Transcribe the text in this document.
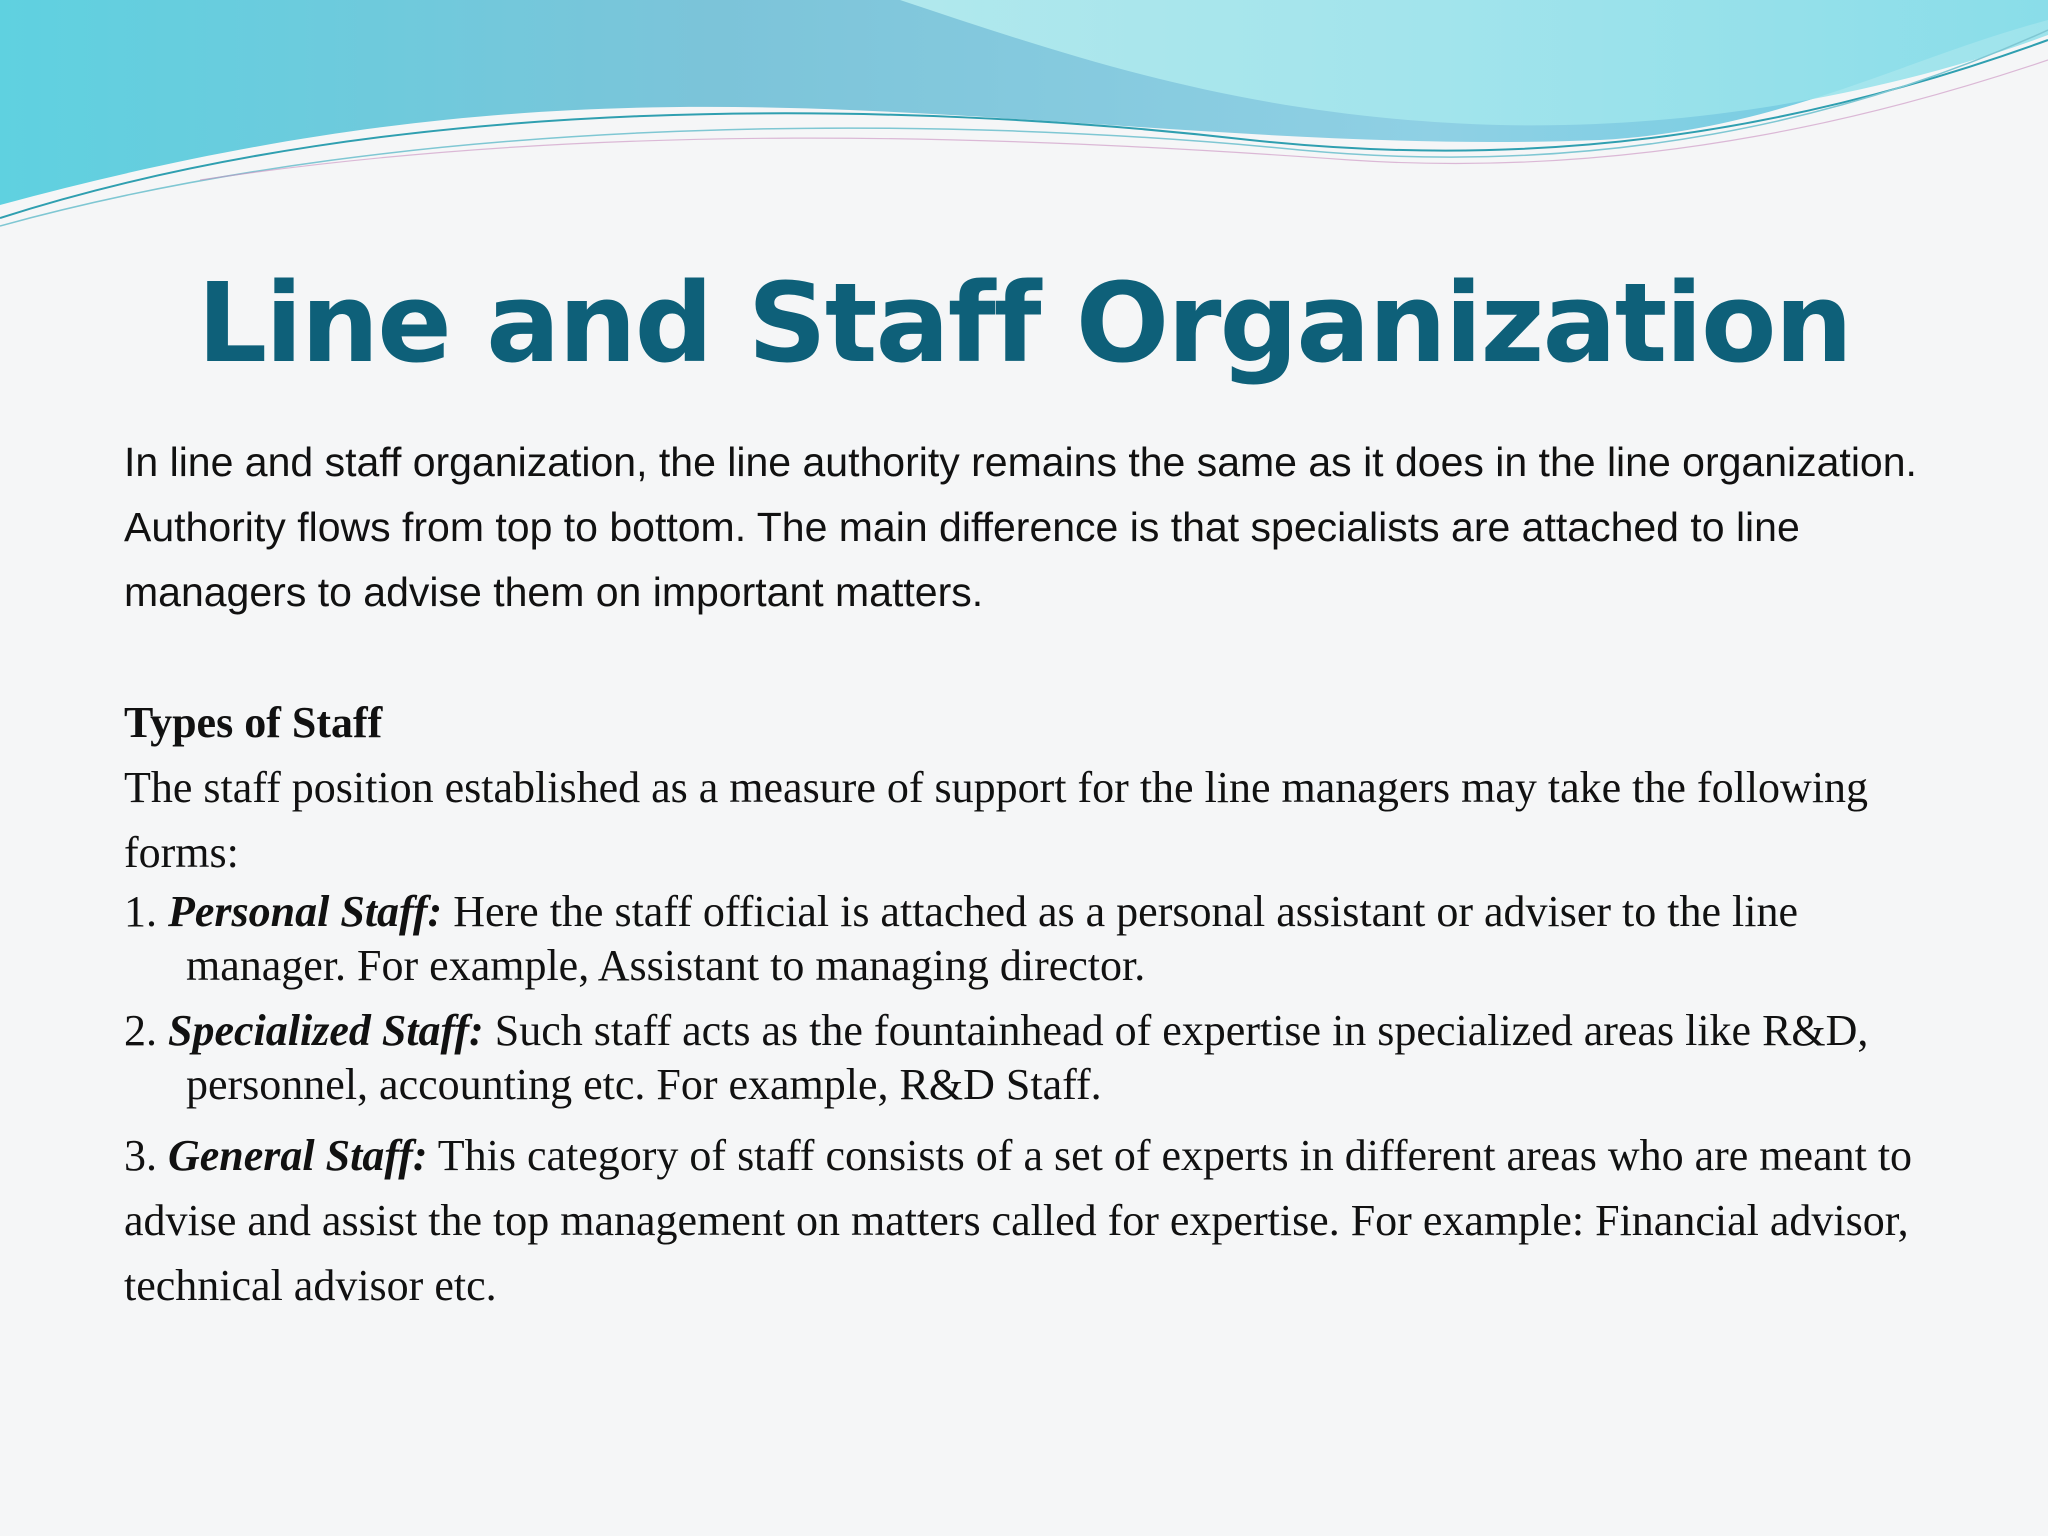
Line and Staff Organization

In line and staff organization, the line authority remains the same as it does in the line organization. Authority flows from top to bottom. The main difference is that specialists are attached to line managers to advise them on important matters.

Types of Staff

The staff position established as a measure of support for the line managers may take the following forms:

1. Personal Staff: Here the staff official is attached as a personal assistant or adviser to the line manager. For example, Assistant to managing director.
2. Specialized Staff: Such staff acts as the fountainhead of expertise in specialized areas like R&D, personnel, accounting etc. For example, R&D Staff.
3. General Staff: This category of staff consists of a set of experts in different areas who are meant to advise and assist the top management on matters called for expertise. For example: Financial advisor, technical advisor etc.
